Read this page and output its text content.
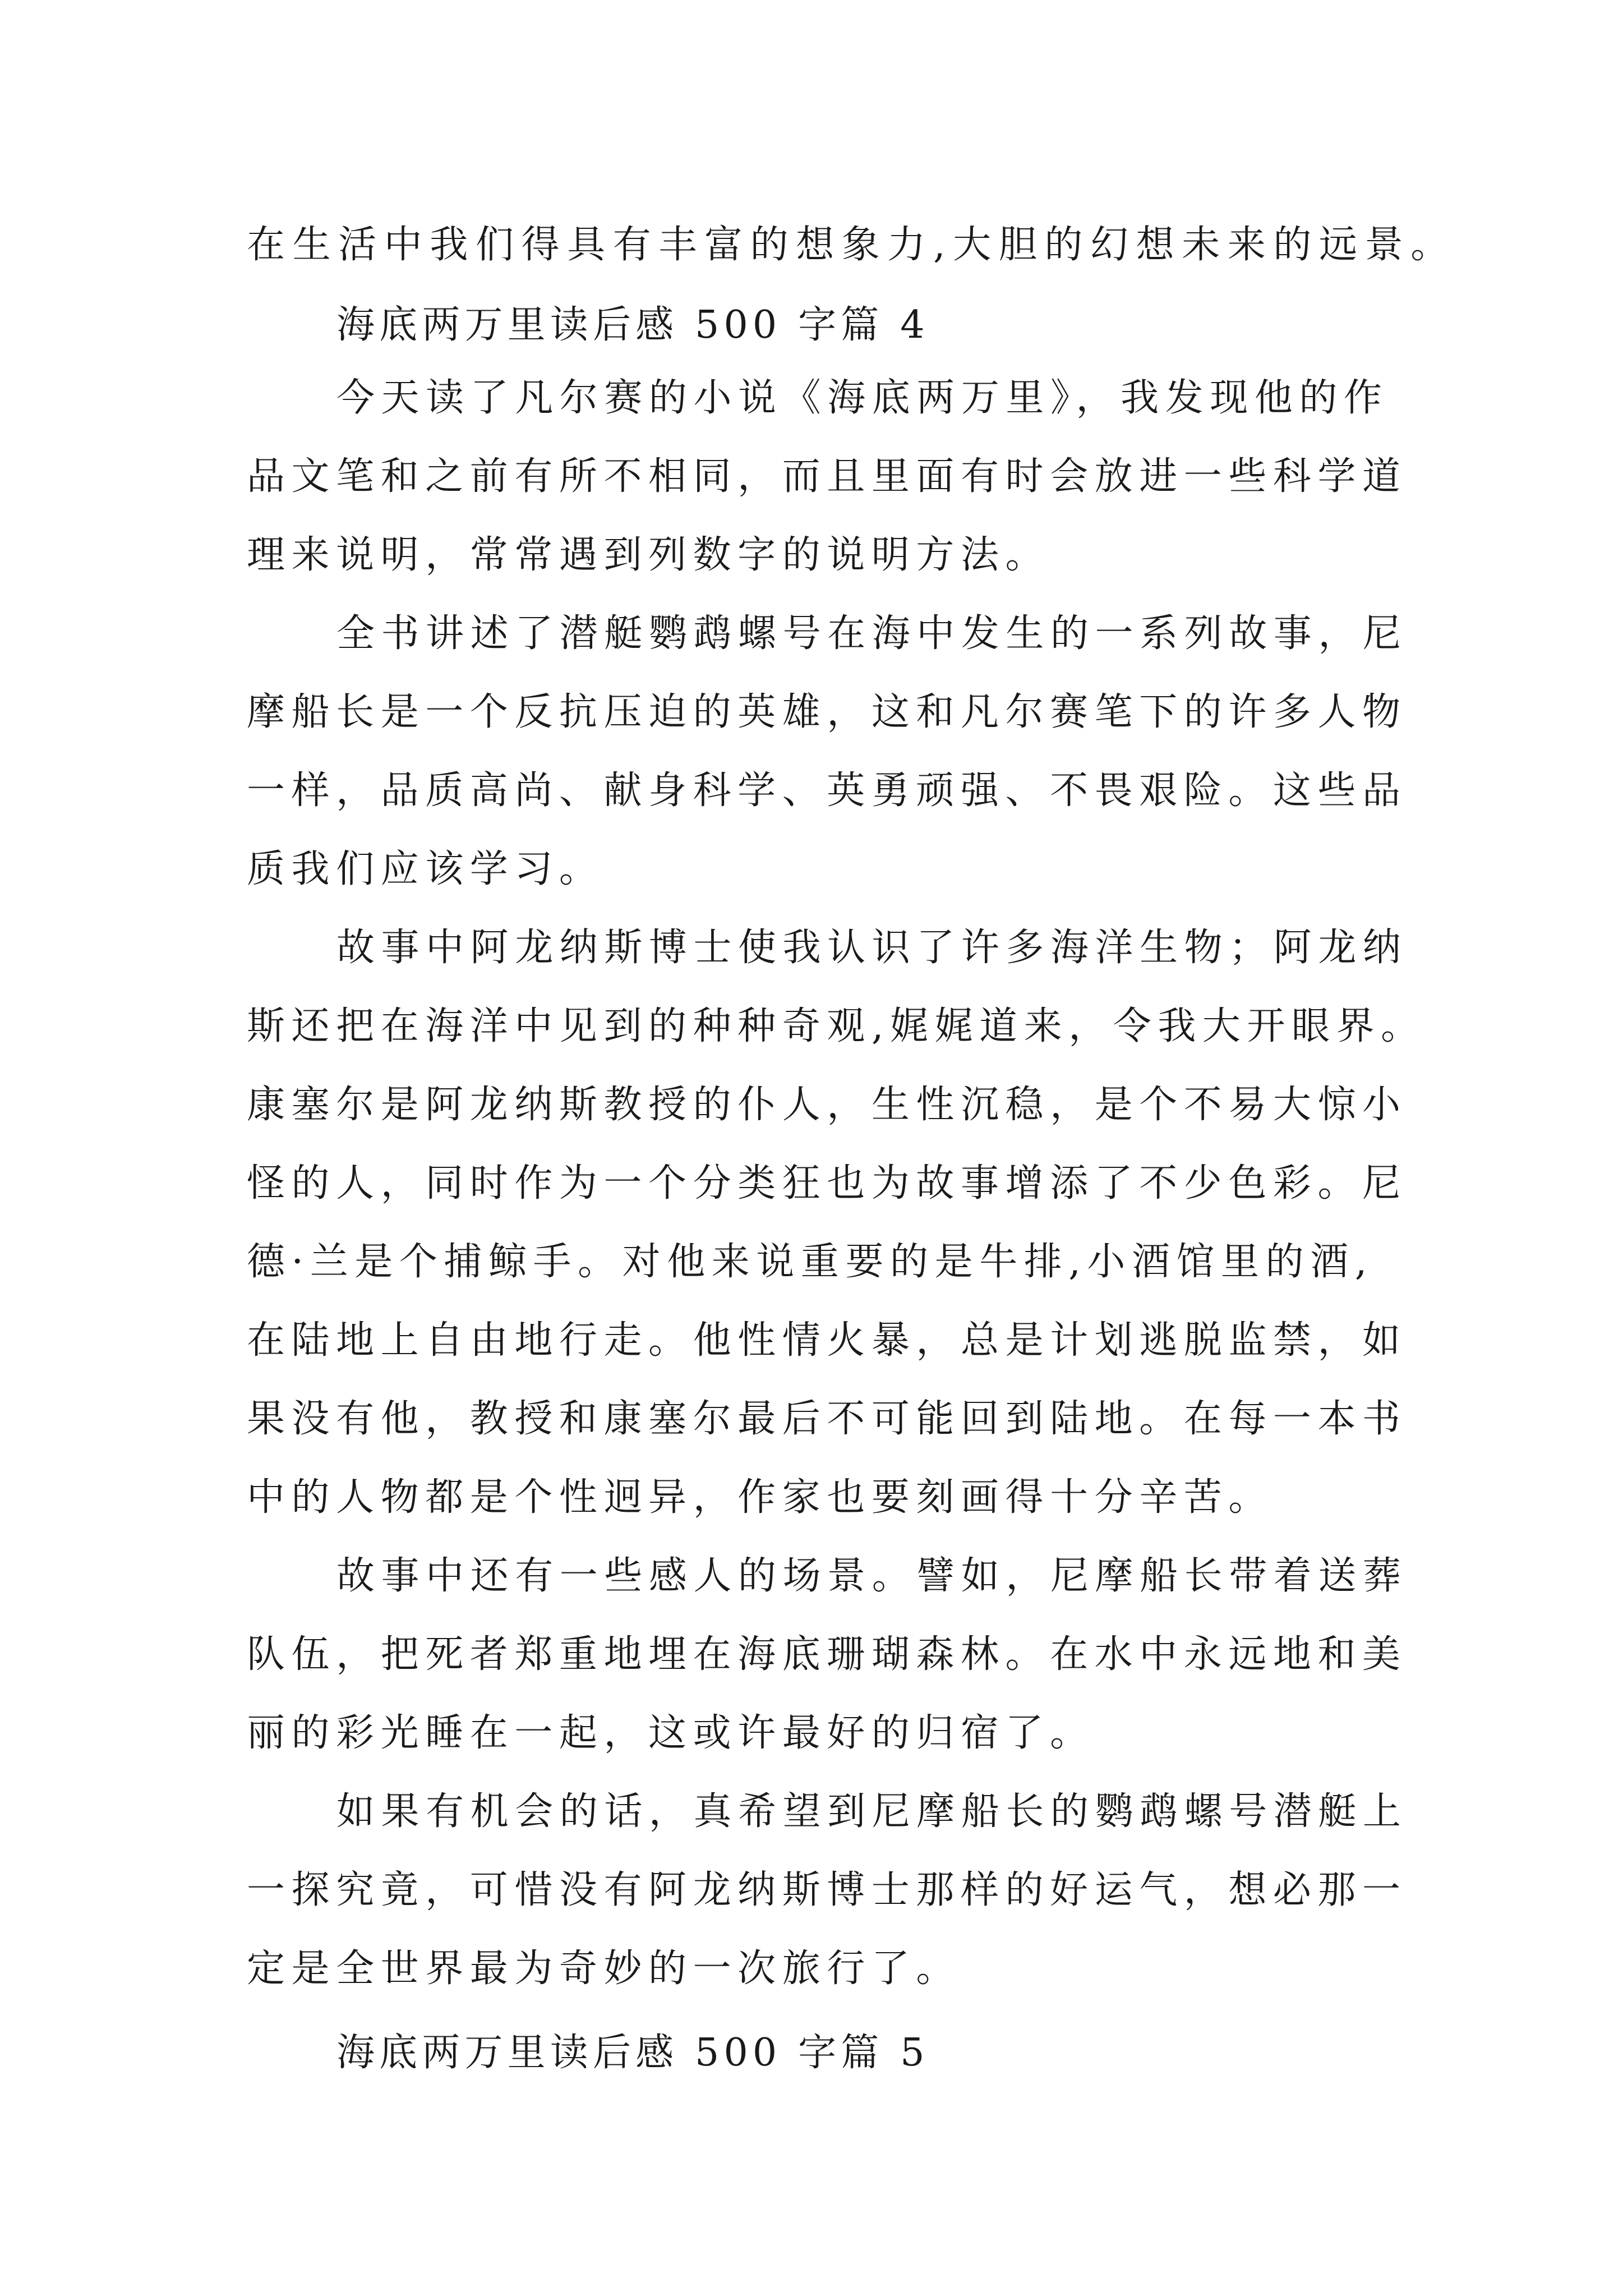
在生活中我们得具有丰富的想象力,大胆的幻想未来的远景。

海底两万里读后感 500 字篇 4

今天读了凡尔赛的小说《海底两万里》，我发现他的作

品文笔和之前有所不相同，而且里面有时会放进一些科学道

理来说明，常常遇到列数字的说明方法。

全书讲述了潜艇鹦鹉螺号在海中发生的一系列故事，尼

摩船长是一个反抗压迫的英雄，这和凡尔赛笔下的许多人物

一样，品质高尚、献身科学、英勇顽强、不畏艰险。这些品

质我们应该学习。

故事中阿龙纳斯博士使我认识了许多海洋生物；阿龙纳

斯还把在海洋中见到的种种奇观,娓娓道来，令我大开眼界。

康塞尔是阿龙纳斯教授的仆人，生性沉稳，是个不易大惊小

怪的人，同时作为一个分类狂也为故事增添了不少色彩。尼

德·兰是个捕鲸手。对他来说重要的是牛排,小酒馆里的酒,

在陆地上自由地行走。他性情火暴，总是计划逃脱监禁，如

果没有他，教授和康塞尔最后不可能回到陆地。在每一本书

中的人物都是个性迥异，作家也要刻画得十分辛苦。

故事中还有一些感人的场景。譬如，尼摩船长带着送葬

队伍，把死者郑重地埋在海底珊瑚森林。在水中永远地和美

丽的彩光睡在一起，这或许最好的归宿了。

如果有机会的话，真希望到尼摩船长的鹦鹉螺号潜艇上

一探究竟，可惜没有阿龙纳斯博士那样的好运气，想必那一

定是全世界最为奇妙的一次旅行了。

海底两万里读后感 500 字篇 5
